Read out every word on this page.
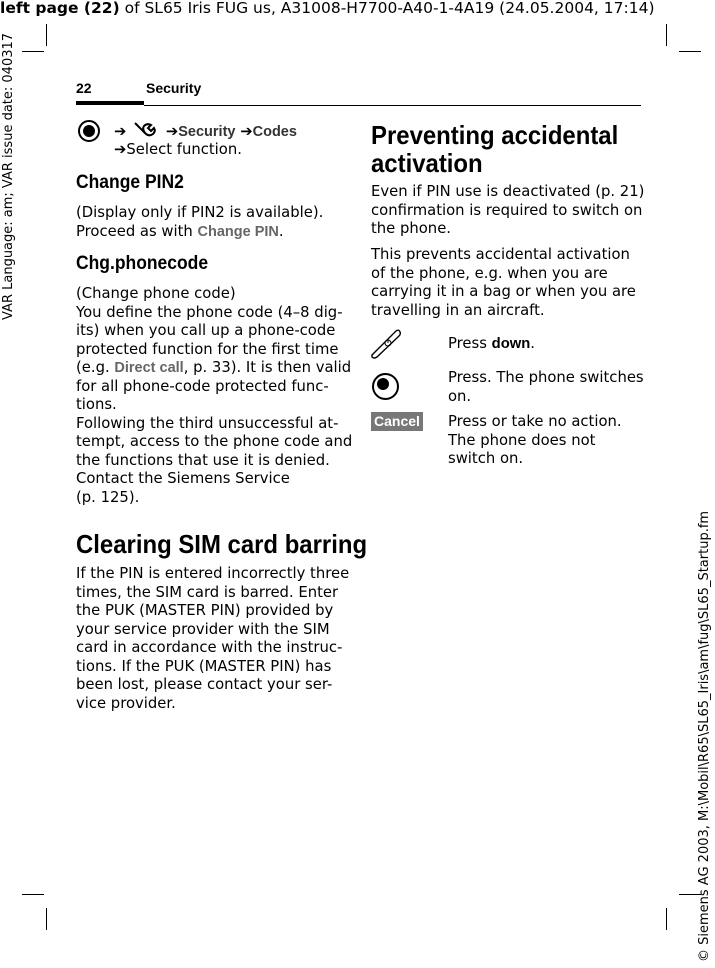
left page (22) of SL65 Iris FUG us, A31008-H7700-A40-1-4A19 (24.05.2004, 17:14)
VAR Language: am; VAR issue date: 040317
© Siemens AG 2003, M:\Mobil\R65\SL65_Iris\am\fug\SL65_Startup.fm
22	Security
➔	➔Security ➔Codes
➔Select function.
Change PIN2
(Display only if PIN2 is available).
Proceed as with Change PIN.
Chg.phonecode
(Change phone code)
You define the phone code (4–8 dig-
its) when you call up a phone-code
protected function for the first time
(e.g. Direct call, p. 33). It is then valid
for all phone-code protected func-
tions.
Following the third unsuccessful at-
tempt, access to the phone code and
the functions that use it is denied.
Contact the Siemens Service
(p. 125).
Clearing SIM card barring
If the PIN is entered incorrectly three
times, the SIM card is barred. Enter
the PUK (MASTER PIN) provided by
your service provider with the SIM
card in accordance with the instruc-
tions. If the PUK (MASTER PIN) has
been lost, please contact your ser-
vice provider.
Preventing accidental
activation
Even if PIN use is deactivated (p. 21)
confirmation is required to switch on
the phone.
This prevents accidental activation
of the phone, e.g. when you are
carrying it in a bag or when you are
travelling in an aircraft.
Press down.
Press. The phone switches
on.
Cancel Press or take no action.
The phone does not
switch on.
